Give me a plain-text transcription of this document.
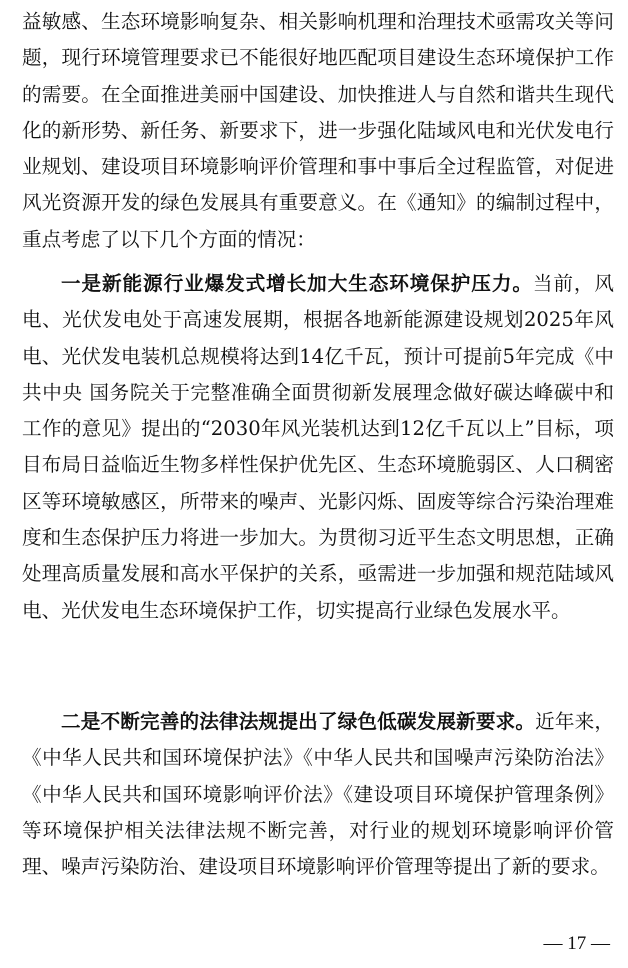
益敏感、生态环境影响复杂、相关影响机理和治理技术亟需攻关等问题，现行环境管理要求已不能很好地匹配项目建设生态环境保护工作的需要。在全面推进美丽中国建设、加快推进人与自然和谐共生现代化的新形势、新任务、新要求下，进一步强化陆域风电和光伏发电行业规划、建设项目环境影响评价管理和事中事后全过程监管，对促进风光资源开发的绿色发展具有重要意义。在《通知》的编制过程中，重点考虑了以下几个方面的情况：

一是新能源行业爆发式增长加大生态环境保护压力。当前，风电、光伏发电处于高速发展期，根据各地新能源建设规划2025年风电、光伏发电装机总规模将达到14亿千瓦，预计可提前5年完成《中共中央 国务院关于完整准确全面贯彻新发展理念做好碳达峰碳中和工作的意见》提出的“2030年风光装机达到12亿千瓦以上”目标，项目布局日益临近生物多样性保护优先区、生态环境脆弱区、人口稠密区等环境敏感区，所带来的噪声、光影闪烁、固废等综合污染治理难度和生态保护压力将进一步加大。为贯彻习近平生态文明思想，正确处理高质量发展和高水平保护的关系，亟需进一步加强和规范陆域风电、光伏发电生态环境保护工作，切实提高行业绿色发展水平。

二是不断完善的法律法规提出了绿色低碳发展新要求。近年来，《中华人民共和国环境保护法》《中华人民共和国噪声污染防治法》《中华人民共和国环境影响评价法》《建设项目环境保护管理条例》等环境保护相关法律法规不断完善，对行业的规划环境影响评价管理、噪声污染防治、建设项目环境影响评价管理等提出了新的要求。

— 17 —
